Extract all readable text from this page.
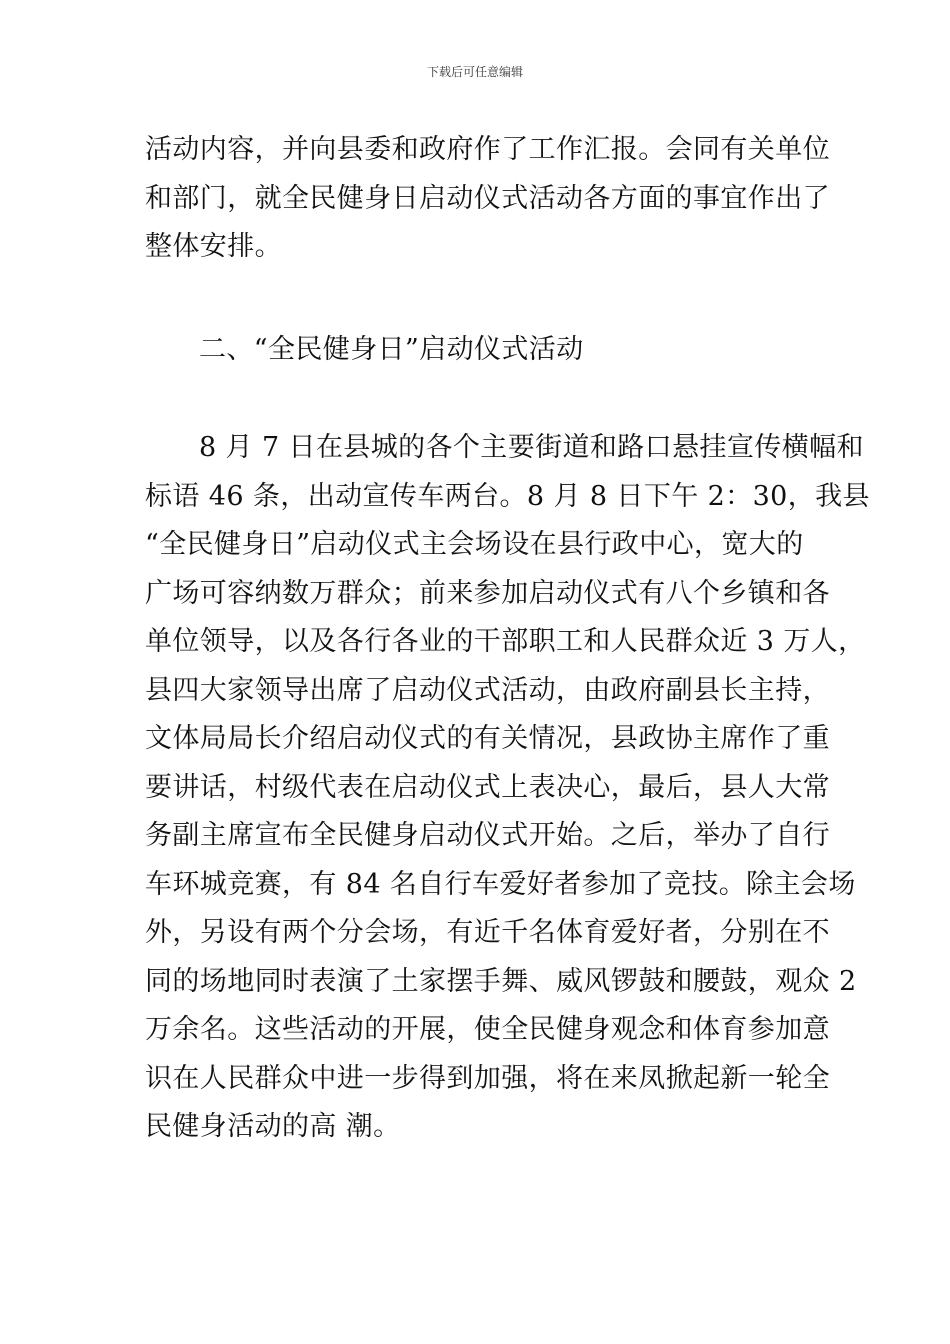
下载后可任意编辑
活动内容，并向县委和政府作了工作汇报。会同有关单位
和部门，就全民健身日启动仪式活动各方面的事宜作出了
整体安排。
二、“全民健身日”启动仪式活动
8 月 7 日在县城的各个主要街道和路口悬挂宣传横幅和
标语 46 条，出动宣传车两台。8 月 8 日下午 2：30，我县
“全民健身日”启动仪式主会场设在县行政中心，宽大的
广场可容纳数万群众；前来参加启动仪式有八个乡镇和各
单位领导，以及各行各业的干部职工和人民群众近 3 万人，
县四大家领导出席了启动仪式活动，由政府副县长主持，
文体局局长介绍启动仪式的有关情况，县政协主席作了重
要讲话，村级代表在启动仪式上表决心，最后，县人大常
务副主席宣布全民健身启动仪式开始。之后，举办了自行
车环城竞赛，有 84 名自行车爱好者参加了竞技。除主会场
外，另设有两个分会场，有近千名体育爱好者，分别在不
同的场地同时表演了土家摆手舞、威风锣鼓和腰鼓，观众 2
万余名。这些活动的开展，使全民健身观念和体育参加意
识在人民群众中进一步得到加强，将在来凤掀起新一轮全
民健身活动的高 潮。
